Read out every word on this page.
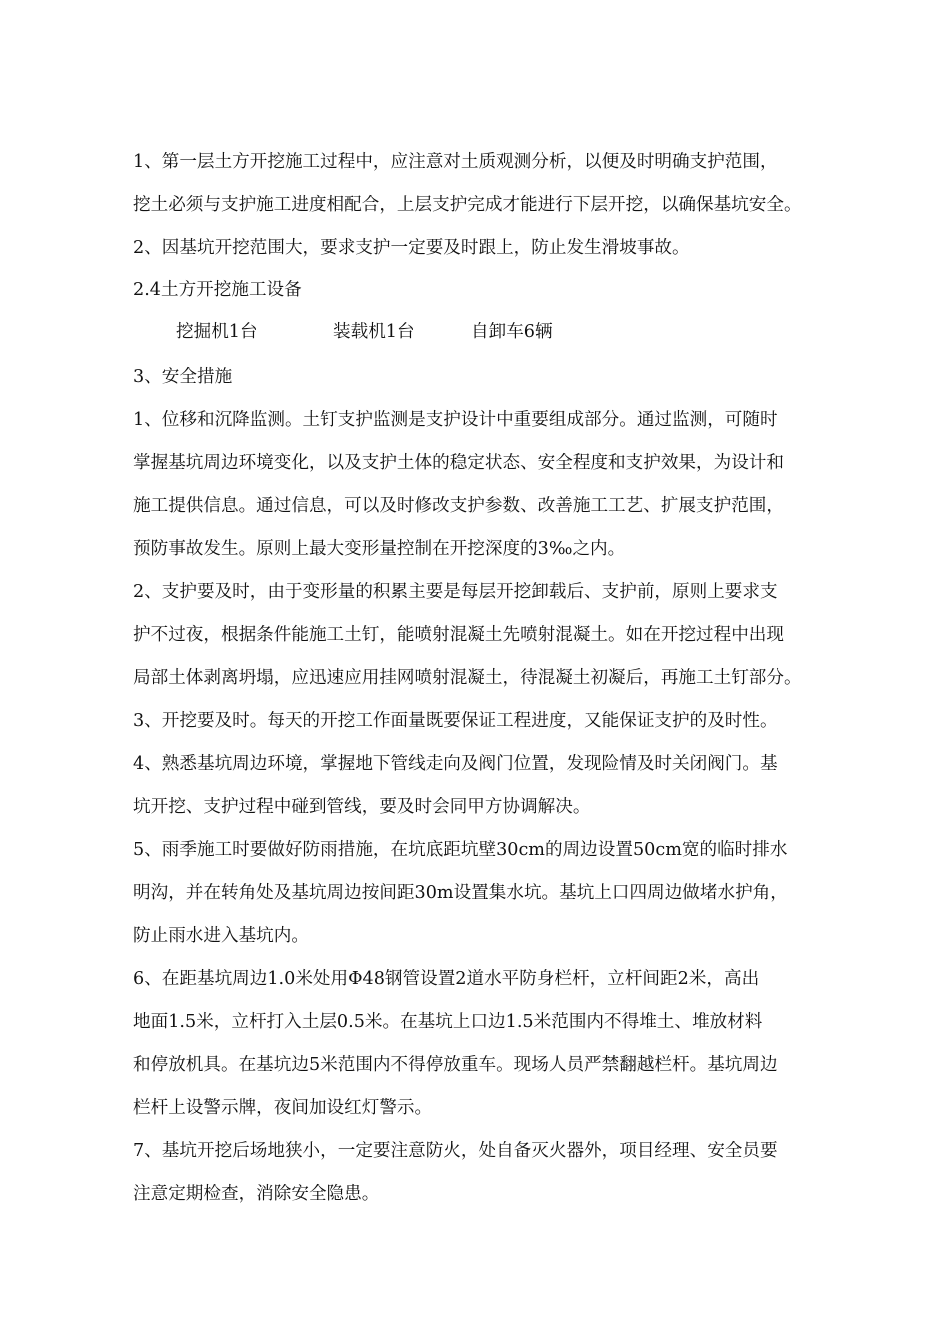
1、第一层土方开挖施工过程中，应注意对土质观测分析，以便及时明确支护范围，

挖土必须与支护施工进度相配合，上层支护完成才能进行下层开挖，以确保基坑安全。

2、因基坑开挖范围大，要求支护一定要及时跟上，防止发生滑坡事故。

2.4土方开挖施工设备

挖掘机1台	装载机1台	自卸车6辆

3、安全措施

1、位移和沉降监测。土钉支护监测是支护设计中重要组成部分。通过监测，可随时

掌握基坑周边环境变化，以及支护土体的稳定状态、安全程度和支护效果，为设计和

施工提供信息。通过信息，可以及时修改支护参数、改善施工工艺、扩展支护范围，

预防事故发生。原则上最大变形量控制在开挖深度的3‰之内。

2、支护要及时，由于变形量的积累主要是每层开挖卸载后、支护前，原则上要求支

护不过夜，根据条件能施工土钉，能喷射混凝土先喷射混凝土。如在开挖过程中出现

局部土体剥离坍塌，应迅速应用挂网喷射混凝土，待混凝土初凝后，再施工土钉部分。

3、开挖要及时。每天的开挖工作面量既要保证工程进度，又能保证支护的及时性。

4、熟悉基坑周边环境，掌握地下管线走向及阀门位置，发现险情及时关闭阀门。基

坑开挖、支护过程中碰到管线，要及时会同甲方协调解决。

5、雨季施工时要做好防雨措施，在坑底距坑壁30cm的周边设置50cm宽的临时排水

明沟，并在转角处及基坑周边按间距30m设置集水坑。基坑上口四周边做堵水护角，

防止雨水进入基坑内。

6、在距基坑周边1.0米处用Φ48钢管设置2道水平防身栏杆，立杆间距2米，高出

地面1.5米，立杆打入土层0.5米。在基坑上口边1.5米范围内不得堆土、堆放材料

和停放机具。在基坑边5米范围内不得停放重车。现场人员严禁翻越栏杆。基坑周边

栏杆上设警示牌，夜间加设红灯警示。

7、基坑开挖后场地狭小，一定要注意防火，处自备灭火器外，项目经理、安全员要

注意定期检查，消除安全隐患。
